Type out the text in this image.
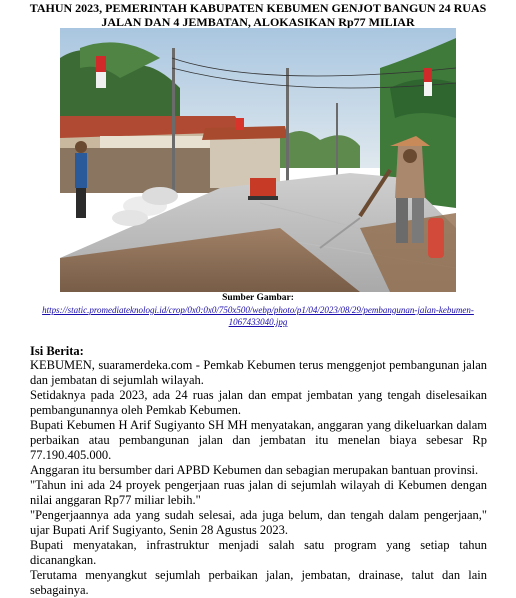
TAHUN 2023, PEMERINTAH KABUPATEN KEBUMEN GENJOT BANGUN 24 RUAS JALAN DAN 4 JEMBATAN, ALOKASIKAN Rp77 MILIAR
Sumber Gambar:
https://static.promediateknologi.id/crop/0x0:0x0/750x500/webp/photo/p1/04/2023/08/29/pembangunan-jalan-kebumen-1067433040.jpg
Isi Berita:

KEBUMEN, suaramerdeka.com - Pemkab Kebumen terus menggenjot pembangunan jalan dan jembatan di sejumlah wilayah.

Setidaknya pada 2023, ada 24 ruas jalan dan empat jembatan yang tengah diselesaikan pembangunannya oleh Pemkab Kebumen.

Bupati Kebumen H Arif Sugiyanto SH MH menyatakan, anggaran yang dikeluarkan dalam perbaikan atau pembangunan jalan dan jembatan itu menelan biaya sebesar Rp 77.190.405.000.

Anggaran itu bersumber dari APBD Kebumen dan sebagian merupakan bantuan provinsi.

"Tahun ini ada 24 proyek pengerjaan ruas jalan di sejumlah wilayah di Kebumen dengan nilai anggaran Rp77 miliar lebih."

"Pengerjaannya ada yang sudah selesai, ada juga belum, dan tengah dalam pengerjaan," ujar Bupati Arif Sugiyanto, Senin 28 Agustus 2023.

Bupati menyatakan, infrastruktur menjadi salah satu program yang setiap tahun dicanangkan.

Terutama menyangkut sejumlah perbaikan jalan, jembatan, drainase, talut dan lain sebagainya.
